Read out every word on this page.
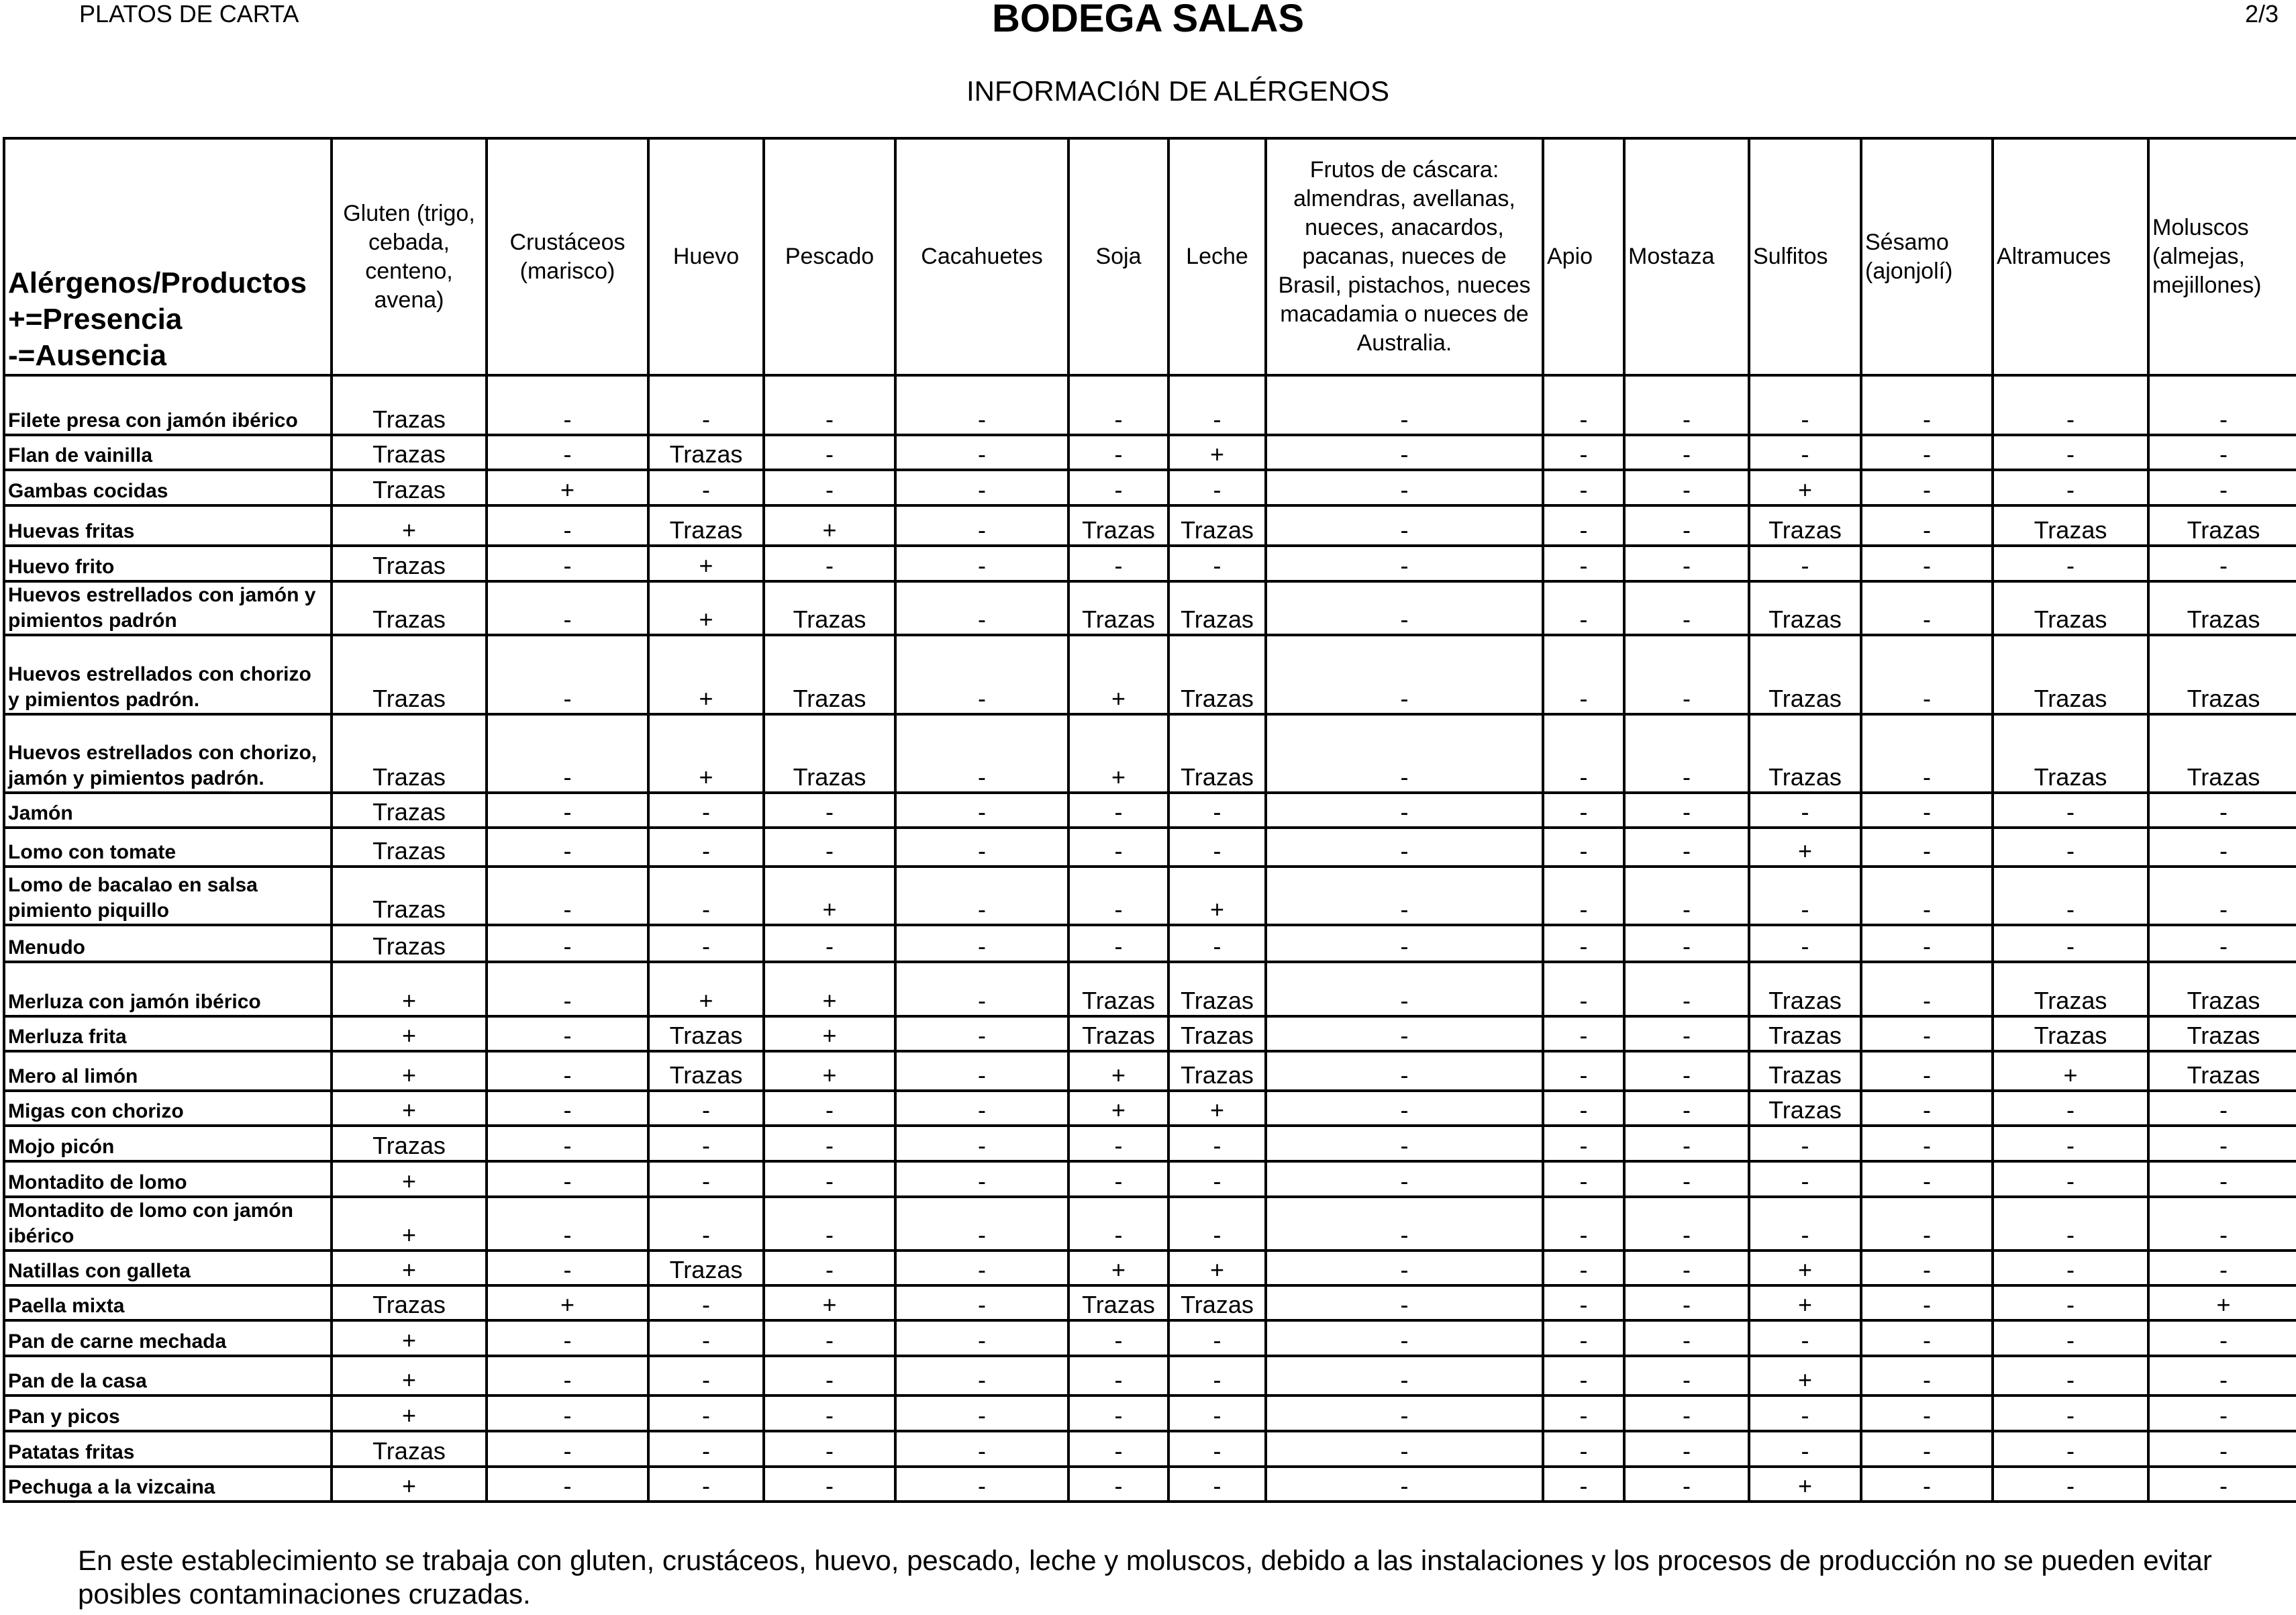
PLATOS DE CARTA	BODEGA SALAS	2/3
INFORMACIóN DE ALÉRGENOS
Alérgenos/Productos
+=Presencia
-=Ausencia	Gluten (trigo, cebada, centeno, avena)	Crustáceos (marisco)	Huevo	Pescado	Cacahuetes	Soja	Leche	Frutos de cáscara: almendras, avellanas, nueces, anacardos, pacanas, nueces de Brasil, pistachos, nueces macadamia o nueces de Australia.	Apio	Mostaza	Sulfitos	Sésamo (ajonjolí)	Altramuces	Moluscos (almejas, mejillones)
Filete presa con jamón ibérico	Trazas	-	-	-	-	-	-	-	-	-	-	-	-	-
Flan de vainilla	Trazas	-	Trazas	-	-	-	+	-	-	-	-	-	-	-
Gambas cocidas	Trazas	+	-	-	-	-	-	-	-	-	+	-	-	-
Huevas fritas	+	-	Trazas	+	-	Trazas	Trazas	-	-	-	Trazas	-	Trazas	Trazas
Huevo frito	Trazas	-	+	-	-	-	-	-	-	-	-	-	-	-
Huevos estrellados con jamón y pimientos padrón	Trazas	-	+	Trazas	-	Trazas	Trazas	-	-	-	Trazas	-	Trazas	Trazas
Huevos estrellados con chorizo y pimientos padrón.	Trazas	-	+	Trazas	-	+	Trazas	-	-	-	Trazas	-	Trazas	Trazas
Huevos estrellados con chorizo, jamón y pimientos padrón.	Trazas	-	+	Trazas	-	+	Trazas	-	-	-	Trazas	-	Trazas	Trazas
Jamón	Trazas	-	-	-	-	-	-	-	-	-	-	-	-	-
Lomo con tomate	Trazas	-	-	-	-	-	-	-	-	-	+	-	-	-
Lomo de bacalao en salsa pimiento piquillo	Trazas	-	-	+	-	-	+	-	-	-	-	-	-	-
Menudo	Trazas	-	-	-	-	-	-	-	-	-	-	-	-	-
Merluza con jamón ibérico	+	-	+	+	-	Trazas	Trazas	-	-	-	Trazas	-	Trazas	Trazas
Merluza frita	+	-	Trazas	+	-	Trazas	Trazas	-	-	-	Trazas	-	Trazas	Trazas
Mero al limón	+	-	Trazas	+	-	+	Trazas	-	-	-	Trazas	-	+	Trazas
Migas con chorizo	+	-	-	-	-	+	+	-	-	-	Trazas	-	-	-
Mojo picón	Trazas	-	-	-	-	-	-	-	-	-	-	-	-	-
Montadito de lomo	+	-	-	-	-	-	-	-	-	-	-	-	-	-
Montadito de lomo con jamón ibérico	+	-	-	-	-	-	-	-	-	-	-	-	-	-
Natillas con galleta	+	-	Trazas	-	-	+	+	-	-	-	+	-	-	-
Paella mixta	Trazas	+	-	+	-	Trazas	Trazas	-	-	-	+	-	-	+
Pan de carne mechada	+	-	-	-	-	-	-	-	-	-	-	-	-	-
Pan de la casa	+	-	-	-	-	-	-	-	-	-	+	-	-	-
Pan y picos	+	-	-	-	-	-	-	-	-	-	-	-	-	-
Patatas fritas	Trazas	-	-	-	-	-	-	-	-	-	-	-	-	-
Pechuga a la vizcaina	+	-	-	-	-	-	-	-	-	-	+	-	-	-
En este establecimiento se trabaja con gluten, crustáceos, huevo, pescado, leche y moluscos, debido a las instalaciones y los procesos de producción no se pueden evitar posibles contaminaciones cruzadas.
